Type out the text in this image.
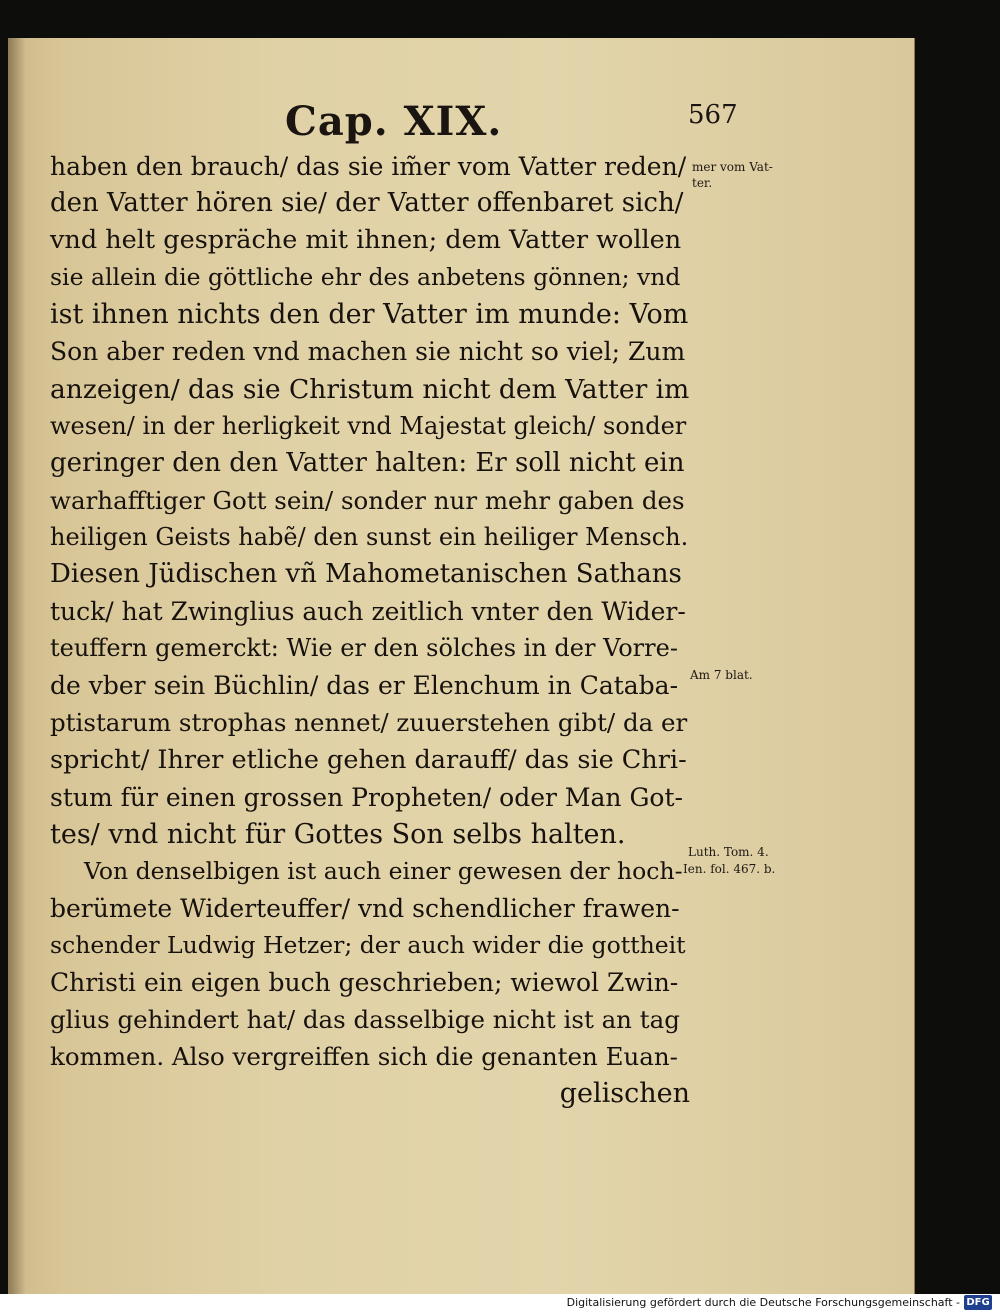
Cap. XIX.	567
haben den brauch/ das sie im̃er vom Vatter reden/
den Vatter hören sie/ der Vatter offenbaret sich/
vnd helt gespräche mit ihnen; dem Vatter wollen
sie allein die göttliche ehr des anbetens gönnen; vnd
ist ihnen nichts den der Vatter im munde: Vom
Son aber reden vnd machen sie nicht so viel; Zum
anzeigen/ das sie Christum nicht dem Vatter im
wesen/ in der herligkeit vnd Majestat gleich/ sonder
geringer den den Vatter halten: Er soll nicht ein
warhafftiger Gott sein/ sonder nur mehr gaben des
heiligen Geists habẽ/ den sunst ein heiliger Mensch.
Diesen Jüdischen vñ Mahometanischen Sathans
tuck/ hat Zwinglius auch zeitlich vnter den Wider-
teuffern gemerckt: Wie er den sölches in der Vorre-
de vber sein Büchlin/ das er Elenchum in Cataba-
ptistarum strophas nennet/ zuuerstehen gibt/ da er
spricht/ Ihrer etliche gehen darauff/ das sie Chri-
stum für einen grossen Propheten/ oder Man Got-
tes/ vnd nicht für Gottes Son selbs halten.
Von denselbigen ist auch einer gewesen der hoch-
berümete Widerteuffer/ vnd schendlicher frawen-
schender Ludwig Hetzer; der auch wider die gottheit
Christi ein eigen buch geschrieben; wiewol Zwin-
glius gehindert hat/ das dasselbige nicht ist an tag
kommen. Also vergreiffen sich die genanten Euan-
gelischen
mer vom Vat-
ter.
Am 7 blat.
Luth. Tom. 4.
Ien. fol. 467. b.
Digitalisierung gefördert durch die Deutsche Forschungsgemeinschaft - DFG
